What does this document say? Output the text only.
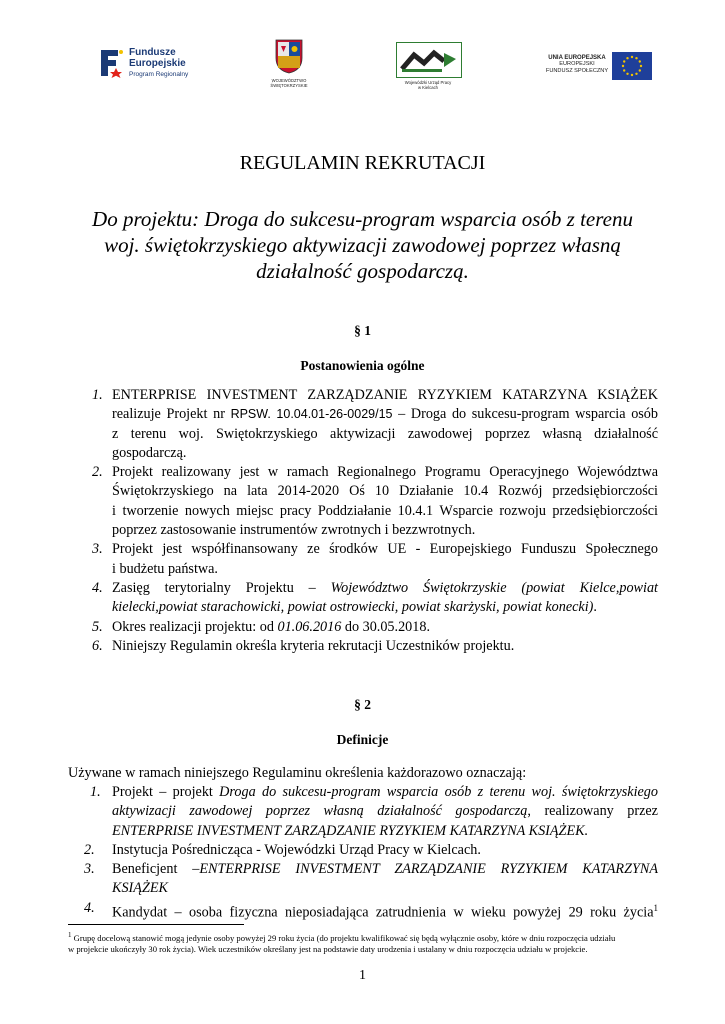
Fundusze
Europejskie
Program Regionalny
WOJEWÓDZTWO
ŚWIĘTOKRZYSKIE
Wojewódzki Urząd Pracy
w Kielcach
UNIA EUROPEJSKA
EUROPEJSKI
FUNDUSZ SPOŁECZNY
REGULAMIN REKRUTACJI
Do projektu: Droga do sukcesu-program wsparcia osób z terenu
woj. świętokrzyskiego aktywizacji zawodowej poprzez własną
działalność gospodarczą.
§ 1
Postanowienia ogólne
1. ENTERPRISE INVESTMENT ZARZĄDZANIE RYZYKIEM KATARZYNA KSIĄŻEK
realizuje Projekt nr RPSW. 10.04.01-26-0029/15 – Droga do sukcesu-program wsparcia osób
z terenu woj. Swiętokrzyskiego aktywizacji zawodowej poprzez własną działalność
gospodarczą.
2. Projekt realizowany jest w ramach Regionalnego Programu Operacyjnego Województwa
Świętokrzyskiego na lata 2014-2020 Oś 10 Działanie 10.4 Rozwój przedsiębiorczości
i tworzenie nowych miejsc pracy Poddziałanie 10.4.1 Wsparcie rozwoju przedsiębiorczości
poprzez zastosowanie instrumentów zwrotnych i bezzwrotnych.
3. Projekt jest współfinansowany ze środków UE - Europejskiego Funduszu Społecznego
i budżetu państwa.
4. Zasięg terytorialny Projektu – Województwo Świętokrzyskie (powiat Kielce,powiat
kielecki,powiat starachowicki, powiat ostrowiecki, powiat skarżyski, powiat konecki).
5. Okres realizacji projektu: od 01.06.2016 do 30.05.2018.
6. Niniejszy Regulamin określa kryteria rekrutacji Uczestników projektu.
§ 2
Definicje
Używane w ramach niniejszego Regulaminu określenia każdorazowo oznaczają:
1. Projekt – projekt Droga do sukcesu-program wsparcia osób z terenu woj. świętokrzyskiego
aktywizacji zawodowej poprzez własną działalność gospodarczą, realizowany przez
ENTERPRISE INVESTMENT ZARZĄDZANIE RYZYKIEM KATARZYNA KSIĄŻEK.
2. Instytucja Pośrednicząca - Wojewódzki Urząd Pracy w Kielcach.
3. Beneficjent –ENTERPRISE INVESTMENT ZARZĄDZANIE RYZYKIEM KATARZYNA
KSIĄŻEK
4. Kandydat – osoba fizyczna nieposiadająca zatrudnienia w wieku powyżej 29 roku życia$^1$
$^1$ Grupę docelową stanowić mogą jedynie osoby powyżej 29 roku życia (do projektu kwalifikować się będą wyłącznie osoby, które w dniu rozpoczęcia udziału
w projekcie ukończyły 30 rok życia). Wiek uczestników określany jest na podstawie daty urodzenia i ustalany w dniu rozpoczęcia udziału w projekcie.
1
